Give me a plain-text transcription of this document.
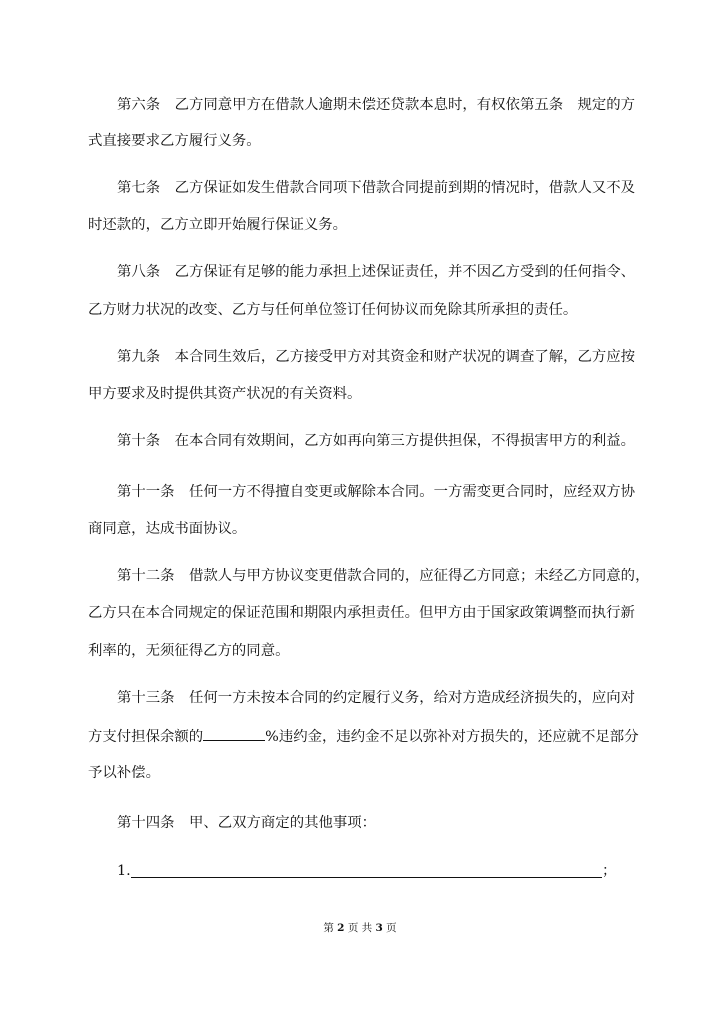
第六条　乙方同意甲方在借款人逾期未偿还贷款本息时，有权依第五条　规定的方
式直接要求乙方履行义务。
第七条　乙方保证如发生借款合同项下借款合同提前到期的情况时，借款人又不及
时还款的，乙方立即开始履行保证义务。
第八条　乙方保证有足够的能力承担上述保证责任，并不因乙方受到的任何指令、
乙方财力状况的改变、乙方与任何单位签订任何协议而免除其所承担的责任。
第九条　本合同生效后，乙方接受甲方对其资金和财产状况的调查了解，乙方应按
甲方要求及时提供其资产状况的有关资料。
第十条　在本合同有效期间，乙方如再向第三方提供担保，不得损害甲方的利益。
第十一条　任何一方不得擅自变更或解除本合同。一方需变更合同时，应经双方协
商同意，达成书面协议。
第十二条　借款人与甲方协议变更借款合同的，应征得乙方同意；未经乙方同意的，
乙方只在本合同规定的保证范围和期限内承担责任。但甲方由于国家政策调整而执行新
利率的，无须征得乙方的同意。
第十三条　任何一方未按本合同的约定履行义务，给对方造成经济损失的，应向对
方支付担保余额的	%违约金，违约金不足以弥补对方损失的，还应就不足部分
予以补偿。
第十四条　甲、乙双方商定的其他事项：
1.	；
第 2 页 共 3 页
